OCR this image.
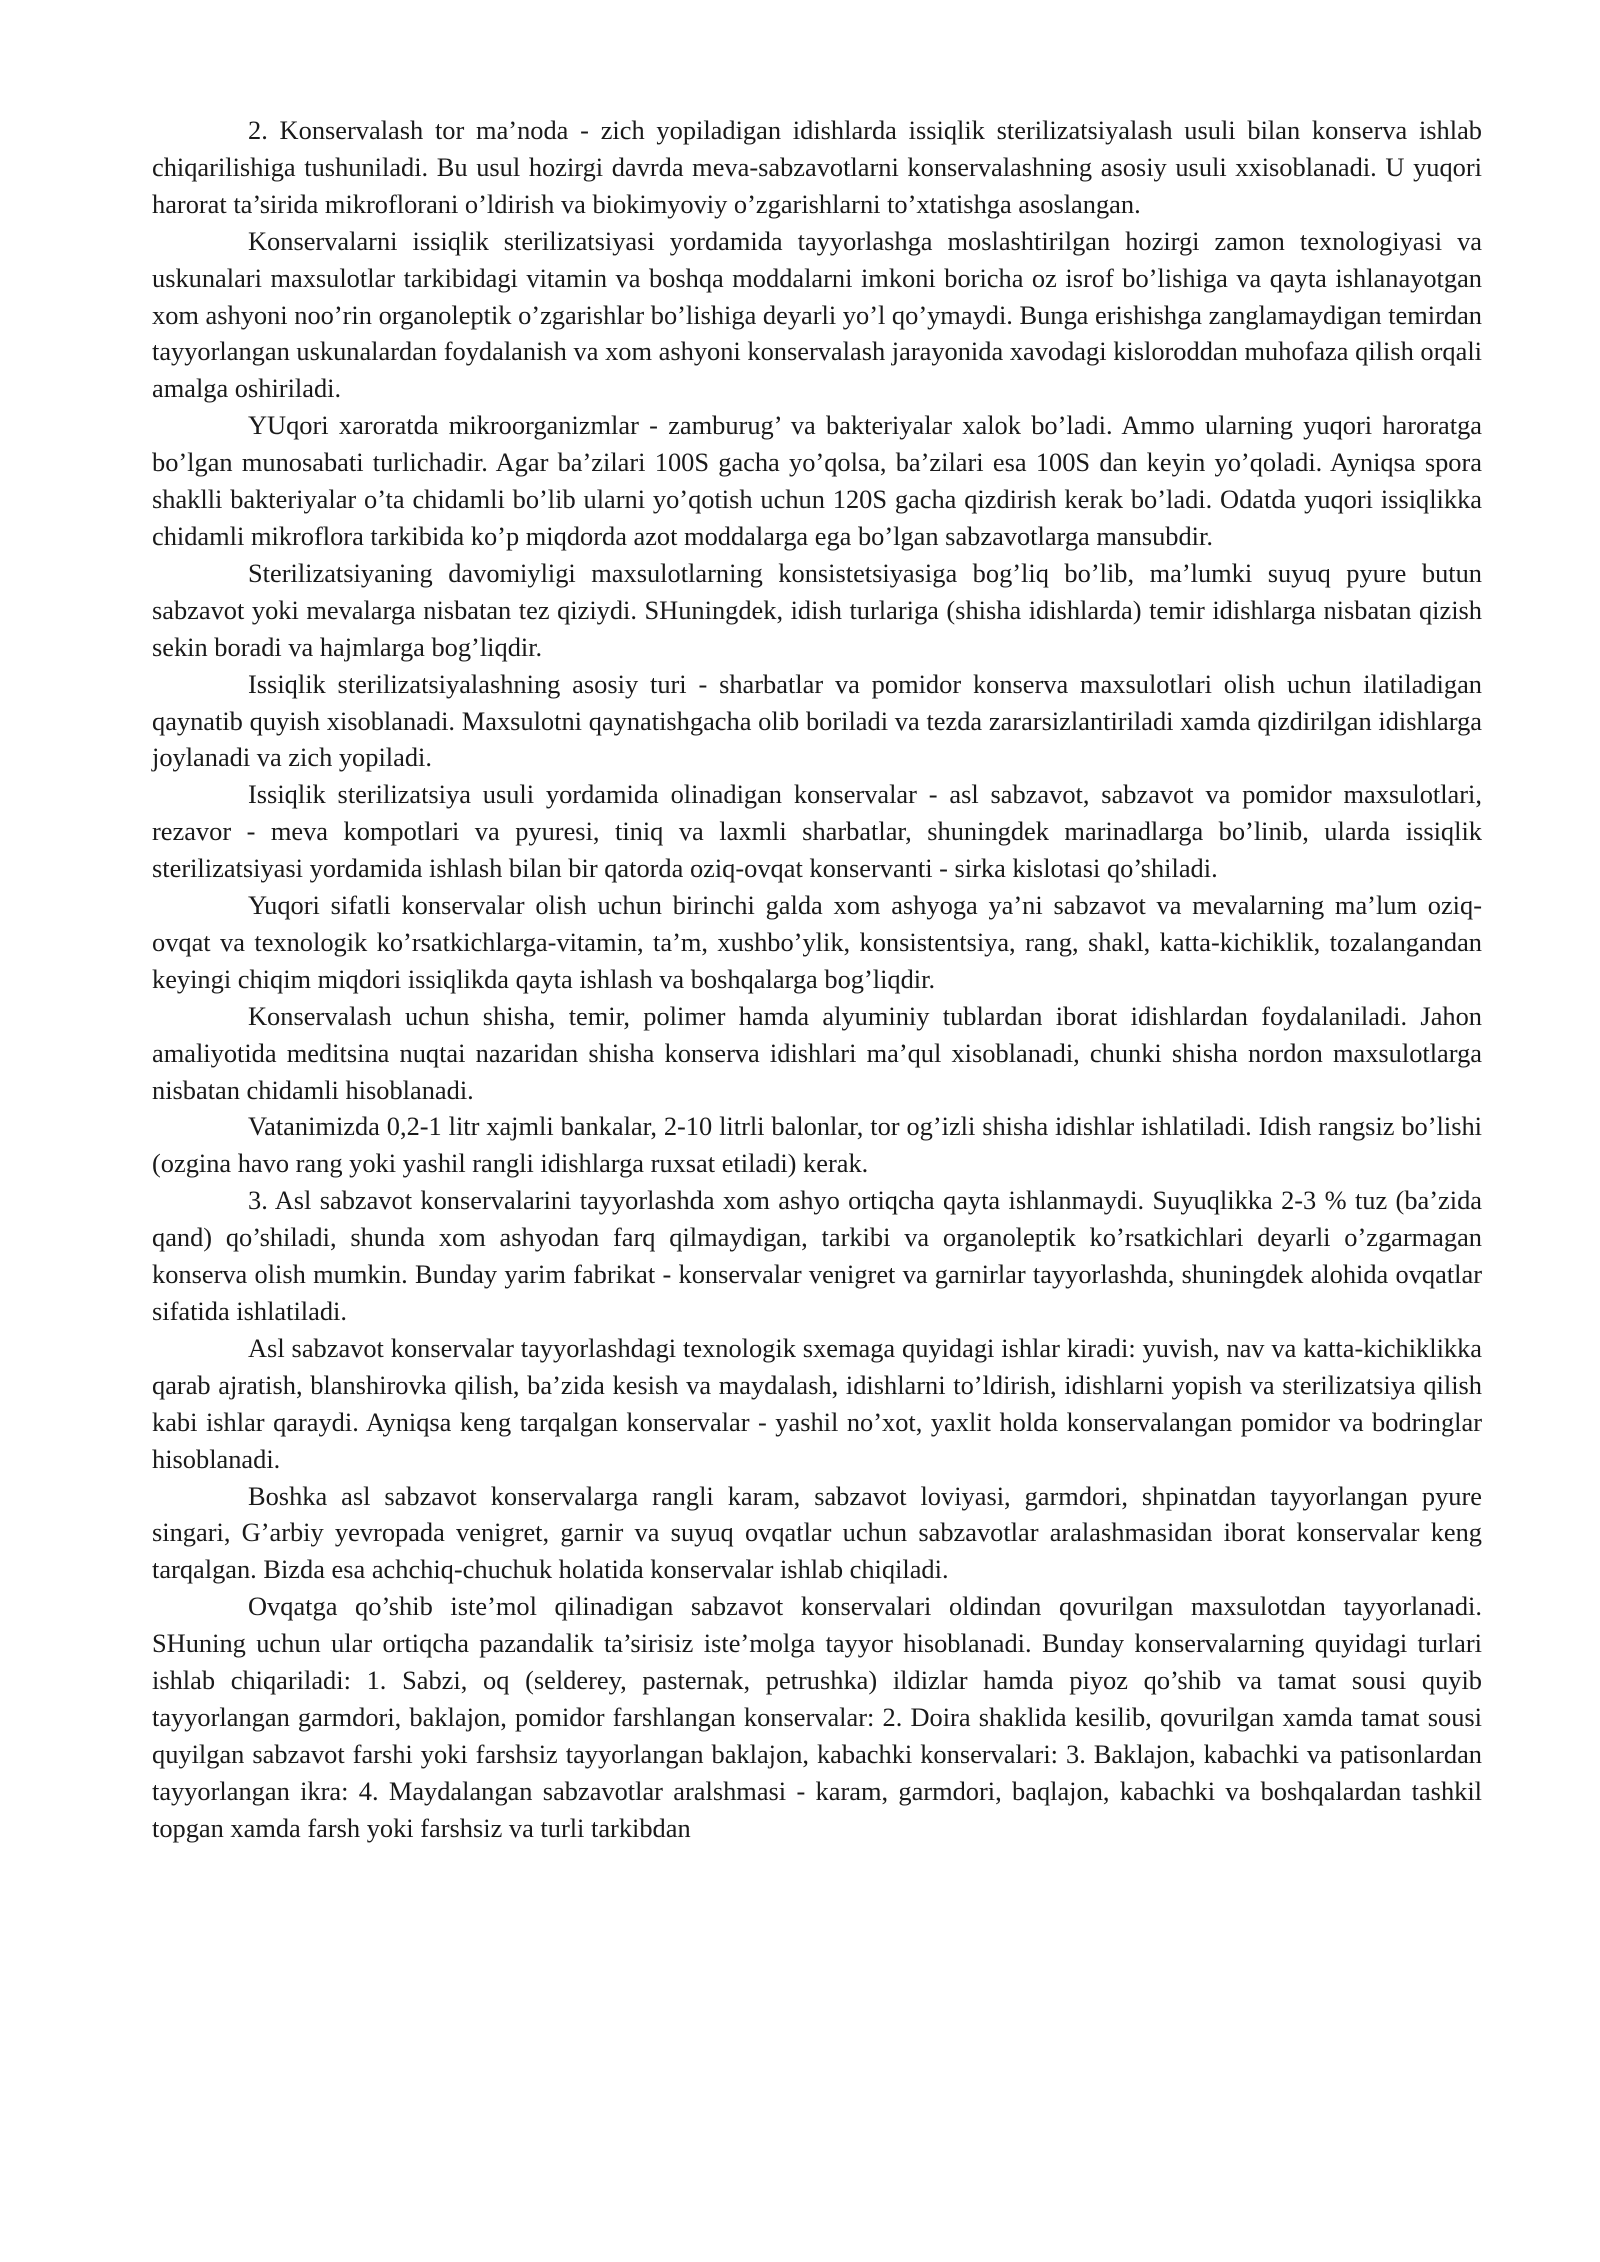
2. Konservalash tor ma’noda - zich yopiladigan idishlarda issiqlik sterilizatsiyalash usuli bilan konserva ishlab chiqarilishiga tushuniladi. Bu usul hozirgi davrda meva-sabzavotlarni konservalashning asosiy usuli xxisoblanadi. U yuqori harorat ta’sirida mikroflorani o’ldirish va biokimyoviy o’zgarishlarni to’xtatishga asoslangan.

Konservalarni issiqlik sterilizatsiyasi yordamida tayyorlashga moslashtirilgan hozirgi zamon texnologiyasi va uskunalari maxsulotlar tarkibidagi vitamin va boshqa moddalarni imkoni boricha oz isrof bo’lishiga va qayta ishlanayotgan xom ashyoni noo’rin organoleptik o’zgarishlar bo’lishiga deyarli yo’l qo’ymaydi. Bunga erishishga zanglamaydigan temirdan tayyorlangan uskunalardan foydalanish va xom ashyoni konservalash jarayonida xavodagi kisloroddan muhofaza qilish orqali amalga oshiriladi.

YUqori xaroratda mikroorganizmlar - zamburug’ va bakteriyalar xalok bo’ladi. Ammo ularning yuqori haroratga bo’lgan munosabati turlichadir. Agar ba’zilari 100S gacha yo’qolsa, ba’zilari esa 100S dan keyin yo’qoladi. Ayniqsa spora shaklli bakteriyalar o’ta chidamli bo’lib ularni yo’qotish uchun 120S gacha qizdirish kerak bo’ladi. Odatda yuqori issiqlikka chidamli mikroflora tarkibida ko’p miqdorda azot moddalarga ega bo’lgan sabzavotlarga mansubdir.

Sterilizatsiyaning davomiyligi maxsulotlarning konsistetsiyasiga bog’liq bo’lib, ma’lumki suyuq pyure butun sabzavot yoki mevalarga nisbatan tez qiziydi. SHuningdek, idish turlariga (shisha idishlarda) temir idishlarga nisbatan qizish sekin boradi va hajmlarga bog’liqdir.

Issiqlik sterilizatsiyalashning asosiy turi - sharbatlar va pomidor konserva maxsulotlari olish uchun ilatiladigan qaynatib quyish xisoblanadi. Maxsulotni qaynatishgacha olib boriladi va tezda zararsizlantiriladi xamda qizdirilgan idishlarga joylanadi va zich yopiladi.

Issiqlik sterilizatsiya usuli yordamida olinadigan konservalar - asl sabzavot, sabzavot va pomidor maxsulotlari, rezavor - meva kompotlari va pyuresi, tiniq va laxmli sharbatlar, shuningdek marinadlarga bo’linib, ularda issiqlik sterilizatsiyasi yordamida ishlash bilan bir qatorda oziq-ovqat konservanti - sirka kislotasi qo’shiladi.

Yuqori sifatli konservalar olish uchun birinchi galda xom ashyoga ya’ni sabzavot va mevalarning ma’lum oziq-ovqat va texnologik ko’rsatkichlarga-vitamin, ta’m, xushbo’ylik, konsistentsiya, rang, shakl, katta-kichiklik, tozalangandan keyingi chiqim miqdori issiqlikda qayta ishlash va boshqalarga bog’liqdir.

Konservalash uchun shisha, temir, polimer hamda alyuminiy tublardan iborat idishlardan foydalaniladi. Jahon amaliyotida meditsina nuqtai nazaridan shisha konserva idishlari ma’qul xisoblanadi, chunki shisha nordon maxsulotlarga nisbatan chidamli hisoblanadi.

Vatanimizda 0,2-1 litr xajmli bankalar, 2-10 litrli balonlar, tor og’izli shisha idishlar ishlatiladi. Idish rangsiz bo’lishi (ozgina havo rang yoki yashil rangli idishlarga ruxsat etiladi) kerak.

3. Asl sabzavot konservalarini tayyorlashda xom ashyo ortiqcha qayta ishlanmaydi. Suyuqlikka 2-3 % tuz (ba’zida qand) qo’shiladi, shunda xom ashyodan farq qilmaydigan, tarkibi va organoleptik ko’rsatkichlari deyarli o’zgarmagan konserva olish mumkin. Bunday yarim fabrikat - konservalar venigret va garnirlar tayyorlashda, shuningdek alohida ovqatlar sifatida ishlatiladi.

Asl sabzavot konservalar tayyorlashdagi texnologik sxemaga quyidagi ishlar kiradi: yuvish, nav va katta-kichiklikka qarab ajratish, blanshirovka qilish, ba’zida kesish va maydalash, idishlarni to’ldirish, idishlarni yopish va sterilizatsiya qilish kabi ishlar qaraydi. Ayniqsa keng tarqalgan konservalar - yashil no’xot, yaxlit holda konservalangan pomidor va bodringlar hisoblanadi.

Boshka asl sabzavot konservalarga rangli karam, sabzavot loviyasi, garmdori, shpinatdan tayyorlangan pyure singari, G’arbiy yevropada venigret, garnir va suyuq ovqatlar uchun sabzavotlar aralashmasidan iborat konservalar keng tarqalgan. Bizda esa achchiq-chuchuk holatida konservalar ishlab chiqiladi.

Ovqatga qo’shib iste’mol qilinadigan sabzavot konservalari oldindan qovurilgan maxsulotdan tayyorlanadi. SHuning uchun ular ortiqcha pazandalik ta’sirisiz iste’molga tayyor hisoblanadi. Bunday konservalarning quyidagi turlari ishlab chiqariladi: 1. Sabzi, oq (selderey, pasternak, petrushka) ildizlar hamda piyoz qo’shib va tamat sousi quyib tayyorlangan garmdori, baklajon, pomidor farshlangan konservalar: 2. Doira shaklida kesilib, qovurilgan xamda tamat sousi quyilgan sabzavot farshi yoki farshsiz tayyorlangan baklajon, kabachki konservalari: 3. Baklajon, kabachki va patisonlardan tayyorlangan ikra: 4. Maydalangan sabzavotlar aralshmasi - karam, garmdori, baqlajon, kabachki va boshqalardan tashkil topgan xamda farsh yoki farshsiz va turli tarkibdan
